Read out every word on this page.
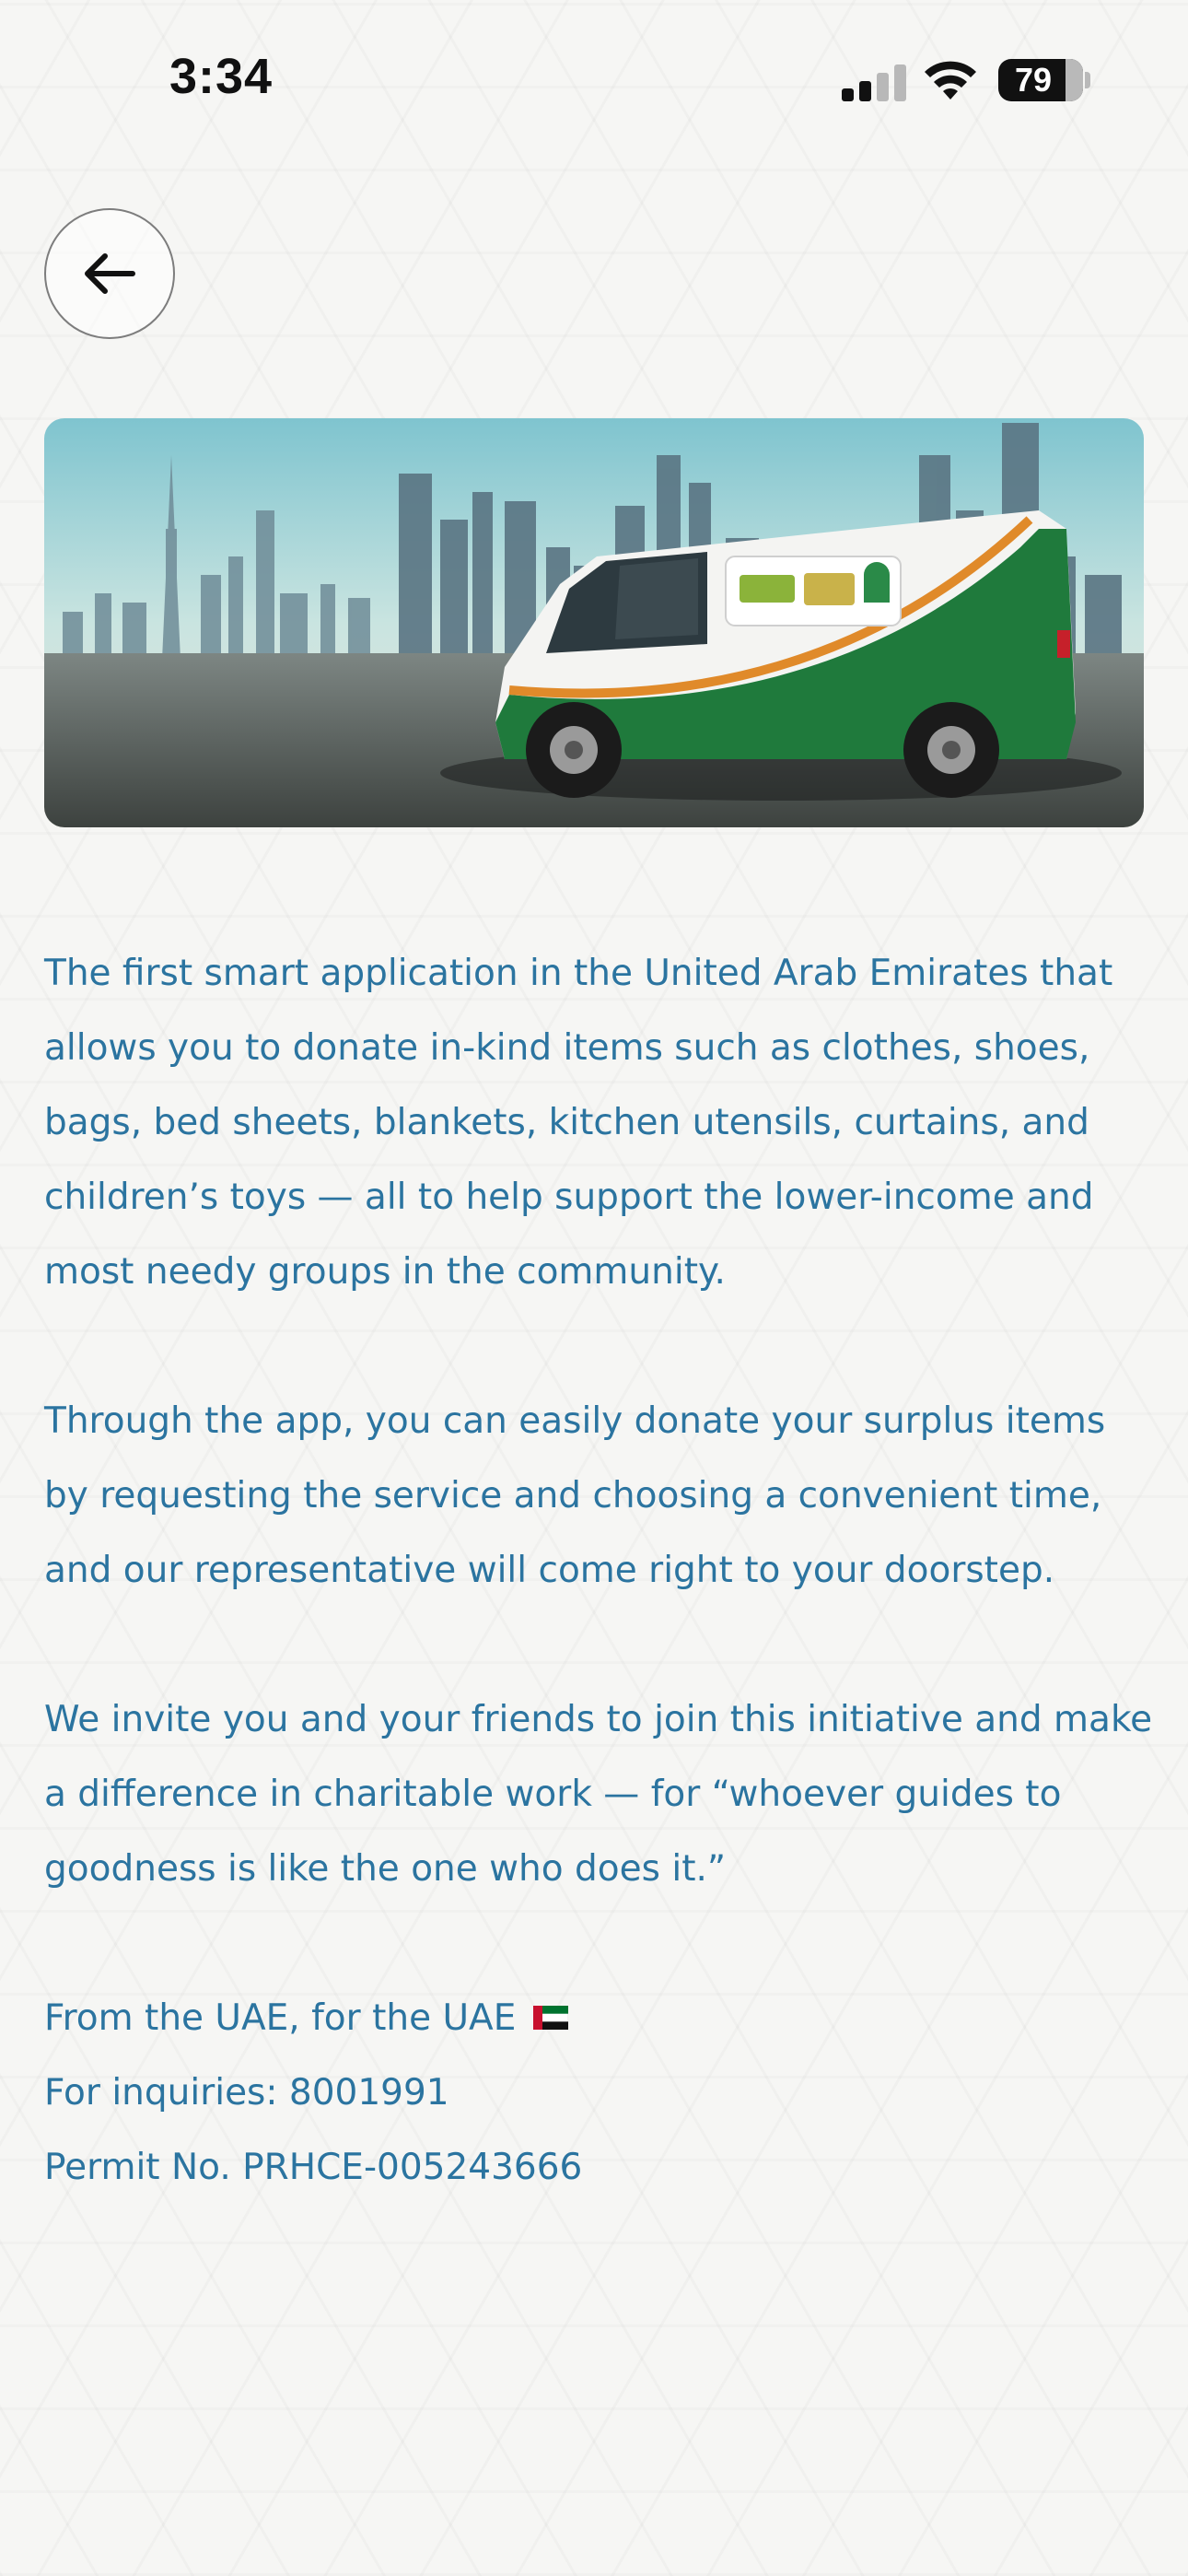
3:34	79

The first smart application in the United Arab Emirates that allows you to donate in-kind items such as clothes, shoes, bags, bed sheets, blankets, kitchen utensils, curtains, and children’s toys — all to help support the lower-income and most needy groups in the community.

Through the app, you can easily donate your surplus items by requesting the service and choosing a convenient time, and our representative will come right to your doorstep.

We invite you and your friends to join this initiative and make a difference in charitable work — for “whoever guides to goodness is like the one who does it.”

From the UAE, for the UAE
For inquiries: 8001991
Permit No. PRHCE-005243666
